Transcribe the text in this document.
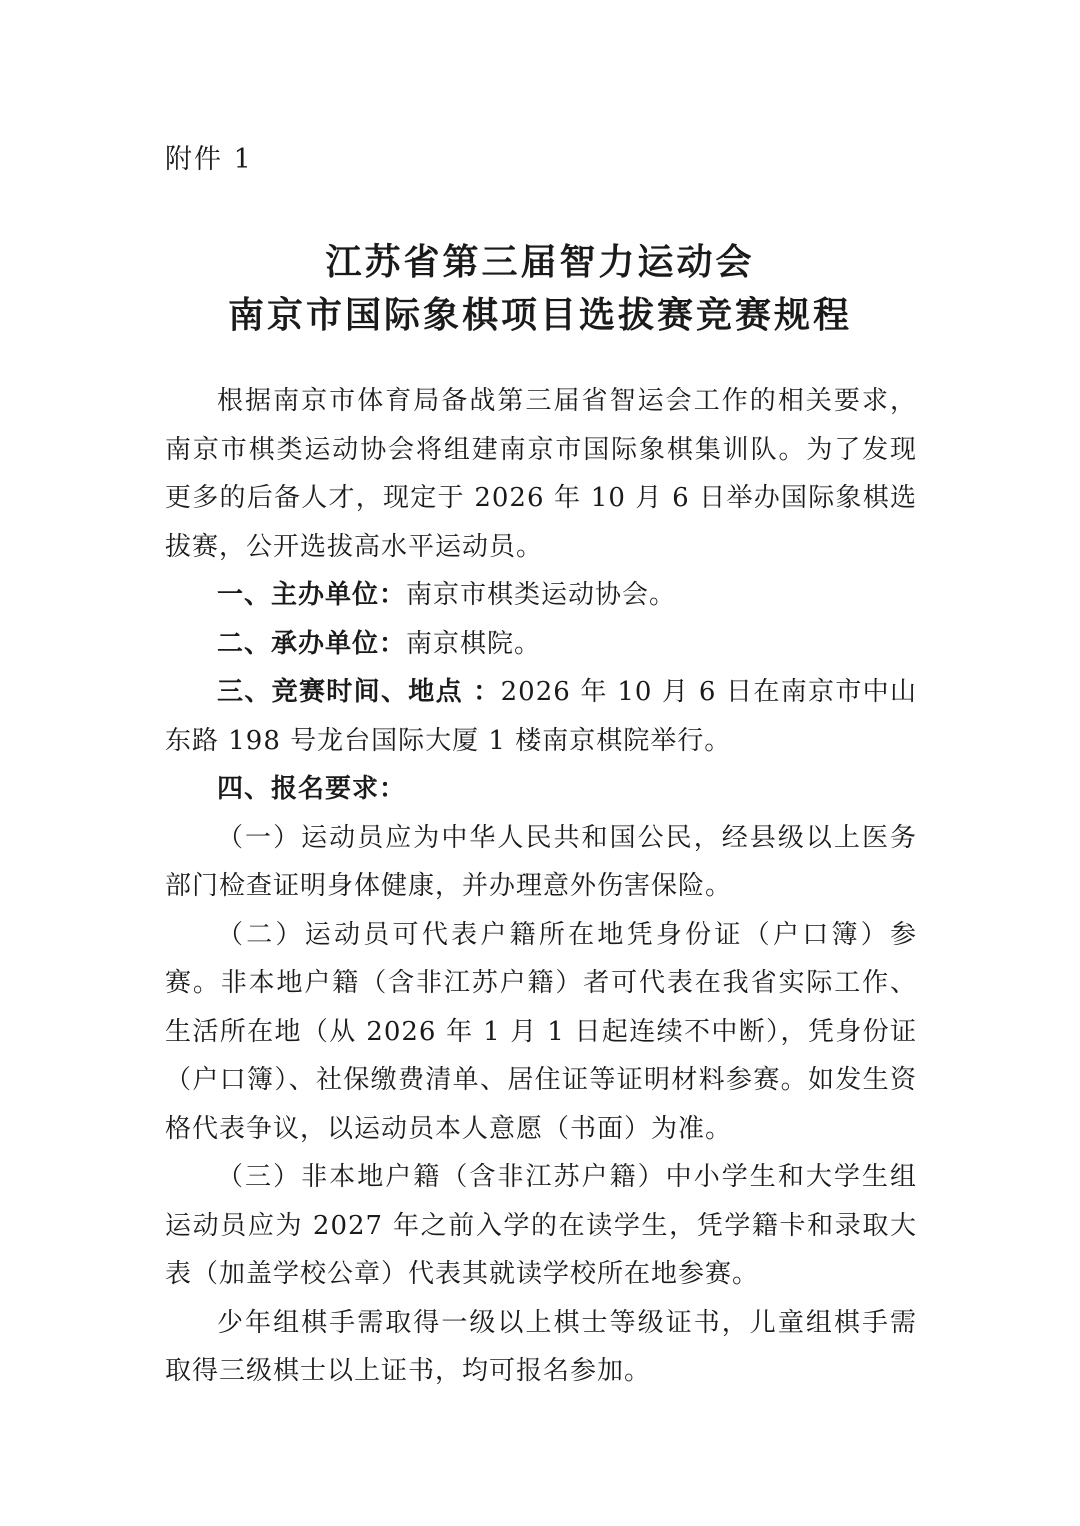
附件 1
江苏省第三届智力运动会
南京市国际象棋项目选拔赛竞赛规程

根据南京市体育局备战第三届省智运会工作的相关要求，南京市棋类运动协会将组建南京市国际象棋集训队。为了发现更多的后备人才，现定于 2026 年 10 月 6 日举办国际象棋选拔赛，公开选拔高水平运动员。

一、主办单位：南京市棋类运动协会。

二、承办单位：南京棋院。

三、竞赛时间、地点 ：2026 年 10 月 6 日在南京市中山东路 198 号龙台国际大厦 1 楼南京棋院举行。

四、报名要求：

（一）运动员应为中华人民共和国公民，经县级以上医务部门检查证明身体健康，并办理意外伤害保险。

（二）运动员可代表户籍所在地凭身份证（户口簿）参赛。非本地户籍（含非江苏户籍）者可代表在我省实际工作、生活所在地（从 2026 年 1 月 1 日起连续不中断），凭身份证（户口簿）、社保缴费清单、居住证等证明材料参赛。如发生资格代表争议，以运动员本人意愿（书面）为准。

（三）非本地户籍（含非江苏户籍）中小学生和大学生组运动员应为 2027 年之前入学的在读学生，凭学籍卡和录取大表（加盖学校公章）代表其就读学校所在地参赛。

少年组棋手需取得一级以上棋士等级证书，儿童组棋手需取得三级棋士以上证书，均可报名参加。
